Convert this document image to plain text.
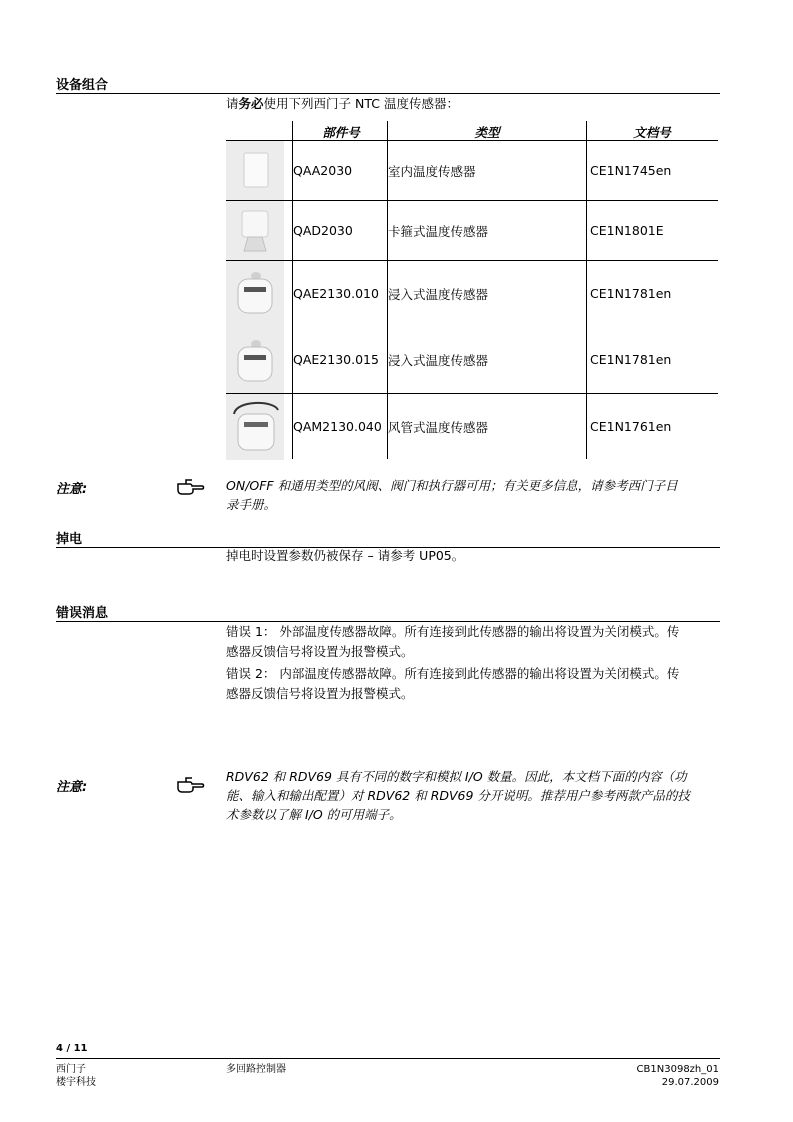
设备组合
请务必使用下列西门子 NTC 温度传感器：
部件号	类型	文档号
QAA2030	室内温度传感器	CE1N1745en
QAD2030	卡箍式温度传感器	CE1N1801E
QAE2130.010 浸入式温度传感器	CE1N1781en
QAE2130.015 浸入式温度传感器	CE1N1781en
QAM2130.040 风管式温度传感器	CE1N1761en
注意:	ON/OFF 和通用类型的风阀、阀门和执行器可用；有关更多信息，请参考西门子目
录手册。
掉电
掉电时设置参数仍被保存 – 请参考 UP05。
错误消息
错误 1： 外部温度传感器故障。所有连接到此传感器的输出将设置为关闭模式。传
感器反馈信号将设置为报警模式。
错误 2： 内部温度传感器故障。所有连接到此传感器的输出将设置为关闭模式。传
感器反馈信号将设置为报警模式。
注意:
RDV62 和 RDV69 具有不同的数字和模拟 I/O 数量。因此，本文档下面的内容（功
能、输入和输出配置）对 RDV62 和 RDV69 分开说明。推荐用户参考两款产品的技
术参数以了解 I/O 的可用端子。
4 / 11
西门子
楼宇科技
多回路控制器	CB1N3098zh_01
29.07.2009
